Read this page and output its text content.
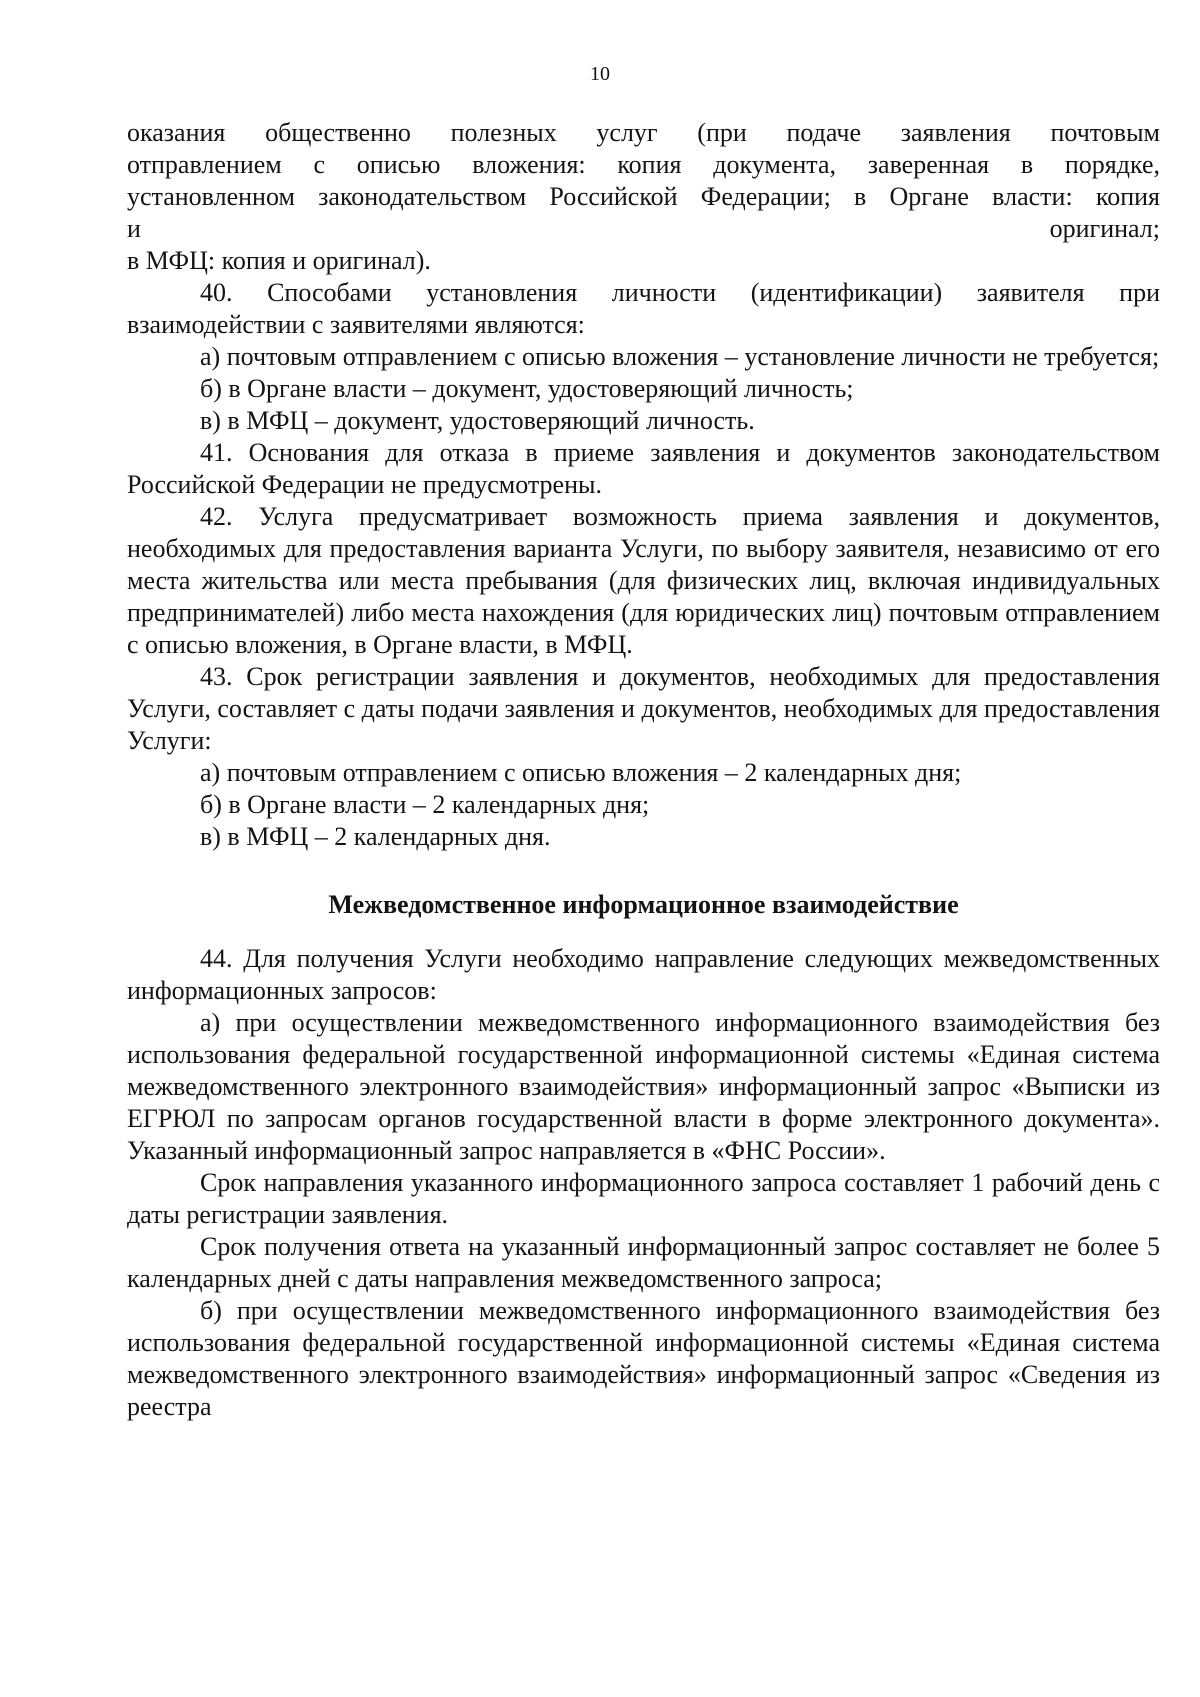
10
оказания общественно полезных услуг (при подаче заявления почтовым
отправлением с описью вложения: копия документа, заверенная в порядке,
установленном законодательством Российской Федерации; в Органе власти: копия
и оригинал;
в МФЦ: копия и оригинал).

40. Способами установления личности (идентификации) заявителя при взаимодействии с заявителями являются:

а) почтовым отправлением с описью вложения – установление личности не требуется;

б) в Органе власти – документ, удостоверяющий личность;

в) в МФЦ – документ, удостоверяющий личность.

41. Основания для отказа в приеме заявления и документов законодательством Российской Федерации не предусмотрены.

42. Услуга предусматривает возможность приема заявления и документов, необходимых для предоставления варианта Услуги, по выбору заявителя, независимо от его места жительства или места пребывания (для физических лиц, включая индивидуальных предпринимателей) либо места нахождения (для юридических лиц) почтовым отправлением с описью вложения, в Органе власти, в МФЦ.

43. Срок регистрации заявления и документов, необходимых для предоставления Услуги, составляет с даты подачи заявления и документов, необходимых для предоставления Услуги:

а) почтовым отправлением с описью вложения – 2 календарных дня;

б) в Органе власти – 2 календарных дня;

в) в МФЦ – 2 календарных дня.

Межведомственное информационное взаимодействие

44. Для получения Услуги необходимо направление следующих межведомственных информационных запросов:

а) при осуществлении межведомственного информационного взаимодействия без использования федеральной государственной информационной системы «Единая система межведомственного электронного взаимодействия» информационный запрос «Выписки из ЕГРЮЛ по запросам органов государственной власти в форме электронного документа». Указанный информационный запрос направляется в «ФНС России».

Срок направления указанного информационного запроса составляет 1 рабочий день с даты регистрации заявления.

Срок получения ответа на указанный информационный запрос составляет не более 5 календарных дней с даты направления межведомственного запроса;

б) при осуществлении межведомственного информационного взаимодействия без использования федеральной государственной информационной системы «Единая система межведомственного электронного взаимодействия» информационный запрос «Сведения из реестра
